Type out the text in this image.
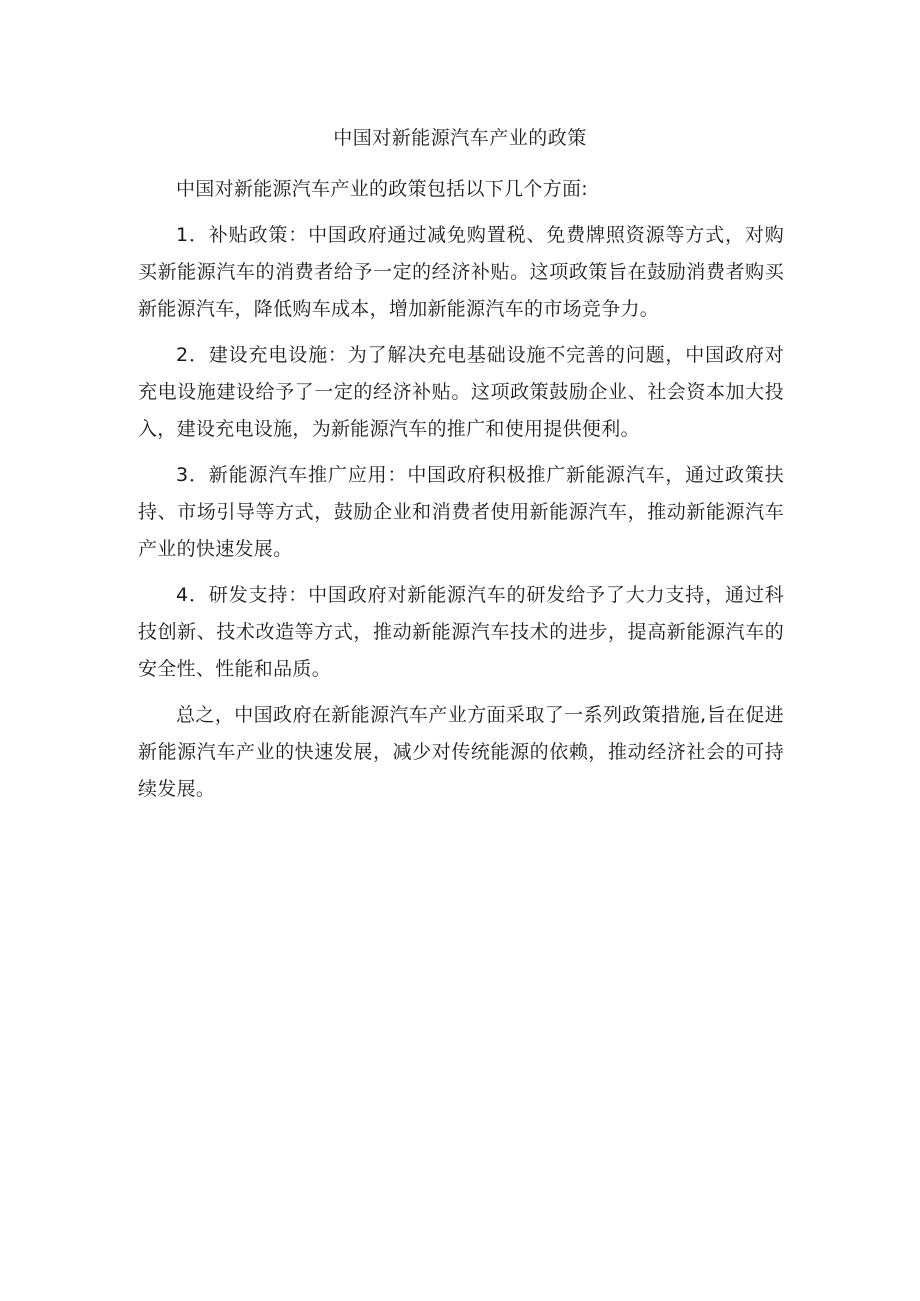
中国对新能源汽车产业的政策

中国对新能源汽车产业的政策包括以下几个方面:

1．补贴政策：中国政府通过减免购置税、免费牌照资源等方式，对购买新能源汽车的消费者给予一定的经济补贴。这项政策旨在鼓励消费者购买新能源汽车，降低购车成本，增加新能源汽车的市场竞争力。

2．建设充电设施：为了解决充电基础设施不完善的问题，中国政府对充电设施建设给予了一定的经济补贴。这项政策鼓励企业、社会资本加大投入，建设充电设施，为新能源汽车的推广和使用提供便利。

3．新能源汽车推广应用：中国政府积极推广新能源汽车，通过政策扶持、市场引导等方式，鼓励企业和消费者使用新能源汽车，推动新能源汽车产业的快速发展。

4．研发支持：中国政府对新能源汽车的研发给予了大力支持，通过科技创新、技术改造等方式，推动新能源汽车技术的进步，提高新能源汽车的安全性、性能和品质。

总之，中国政府在新能源汽车产业方面采取了一系列政策措施,旨在促进新能源汽车产业的快速发展，减少对传统能源的依赖，推动经济社会的可持续发展。
